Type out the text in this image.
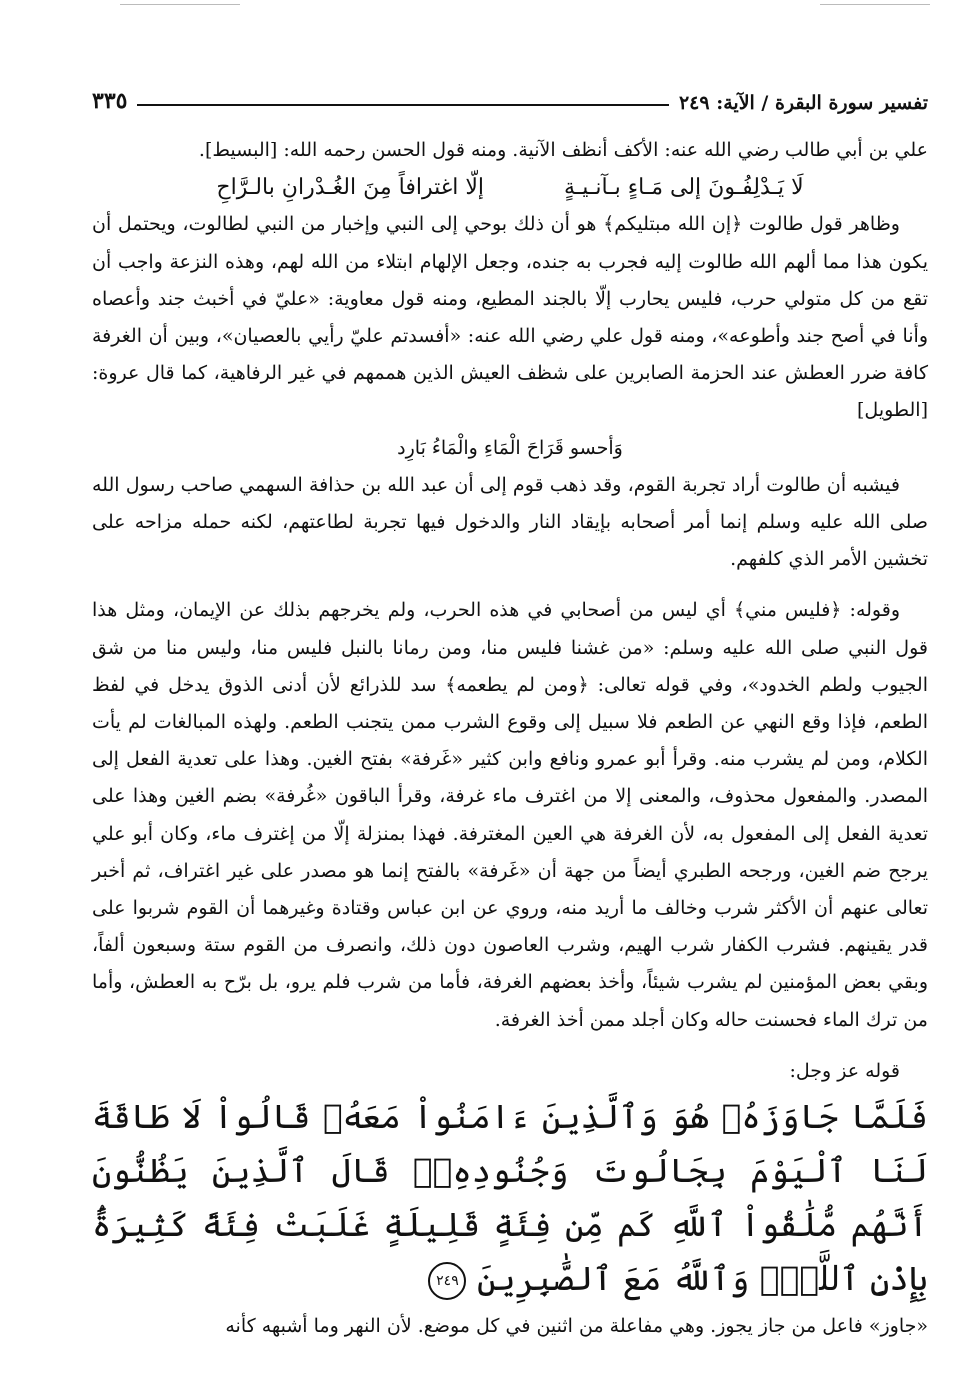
تفسير سورة البقرة / الآية: ٢٤٩
٣٣٥

علي بن أبي طالب رضي الله عنه: الأكف أنظف الآنية. ومنه قول الحسن رحمه الله: [البسيط].

لَا يَـدْلِفُـونَ إلى مَـاءٍ بـآنـيـةٍ
إلّا اغترافاً مِنَ الغُـدْرانِ بالـرَّاحِ

وظاهر قول طالوت ﴿إن الله مبتليكم﴾ هو أن ذلك بوحي إلى النبي وإخبار من النبي لطالوت، ويحتمل أن يكون هذا مما ألهم الله طالوت إليه فجرب به جنده، وجعل الإلهام ابتلاء من الله لهم، وهذه النزعة واجب أن تقع من كل متولي حرب، فليس يحارب إلّا بالجند المطيع، ومنه قول معاوية: «عليّ في أخبث جند وأعصاه وأنا في أصح جند وأطوعه»، ومنه قول علي رضي الله عنه: «أفسدتم عليّ رأيي بالعصيان»، وبين أن الغرفة كافة ضرر العطش عند الحزمة الصابرين على شظف العيش الذين هممهم في غير الرفاهية، كما قال عروة: [الطويل]

وَأحسو قَرَاحَ الْمَاءِ والْمَاءُ بَارِد

فيشبه أن طالوت أراد تجربة القوم، وقد ذهب قوم إلى أن عبد الله بن حذافة السهمي صاحب رسول الله صلى الله عليه وسلم إنما أمر أصحابه بإيقاد النار والدخول فيها تجربة لطاعتهم، لكنه حمله مزاحه على تخشين الأمر الذي كلفهم.

وقوله: ﴿فليس مني﴾ أي ليس من أصحابي في هذه الحرب، ولم يخرجهم بذلك عن الإيمان، ومثل هذا قول النبي صلى الله عليه وسلم: «من غشنا فليس منا، ومن رمانا بالنبل فليس منا، وليس منا من شق الجيوب ولطم الخدود»، وفي قوله تعالى: ﴿ومن لم يطعمه﴾ سد للذرائع لأن أدنى الذوق يدخل في لفظ الطعم، فإذا وقع النهي عن الطعم فلا سبيل إلى وقوع الشرب ممن يتجنب الطعم. ولهذه المبالغات لم يأت الكلام، ومن لم يشرب منه. وقرأ أبو عمرو ونافع وابن كثير «غَرفة» بفتح الغين. وهذا على تعدية الفعل إلى المصدر. والمفعول محذوف، والمعنى إلا من اغترف ماء غرفة، وقرأ الباقون «غُرفة» بضم الغين وهذا على تعدية الفعل إلى المفعول به، لأن الغرفة هي العين المغترفة. فهذا بمنزلة إلّا من إغترف ماء، وكان أبو علي يرجح ضم الغين، ورجحه الطبري أيضاً من جهة أن «غَرفة» بالفتح إنما هو مصدر على غير اغتراف، ثم أخبر تعالى عنهم أن الأكثر شرب وخالف ما أريد منه، وروي عن ابن عباس وقتادة وغيرهما أن القوم شربوا على قدر يقينهم. فشرب الكفار شرب الهيم، وشرب العاصون دون ذلك، وانصرف من القوم ستة وسبعون ألفاً، وبقي بعض المؤمنين لم يشرب شيئاً، وأخذ بعضهم الغرفة، فأما من شرب فلم يرو، بل برّح به العطش، وأما من ترك الماء فحسنت حاله وكان أجلد ممن أخذ الغرفة.

قوله عز وجل:

فَلَمَّا جَاوَزَهُۥ هُوَ وَٱلَّذِينَ ءَامَنُواْ مَعَهُۥ قَالُواْ لَا طَاقَةَ لَنَا ٱلْيَوْمَ بِجَالُوتَ وَجُنُودِهِۦۚ قَالَ ٱلَّذِينَ يَظُنُّونَ أَنَّهُم مُّلَٰقُواْ ٱللَّهِ كَم مِّن فِئَةٍ قَلِيلَةٍ غَلَبَتْ فِئَةً كَثِيرَةًۢ بِإِذْنِ ٱللَّهِۗ وَٱللَّهُ مَعَ ٱلصَّٰبِرِينَ ٢٤٩

«جاوز» فاعل من جاز يجوز. وهي مفاعلة من اثنين في كل موضع. لأن النهر وما أشبهه كأنه
